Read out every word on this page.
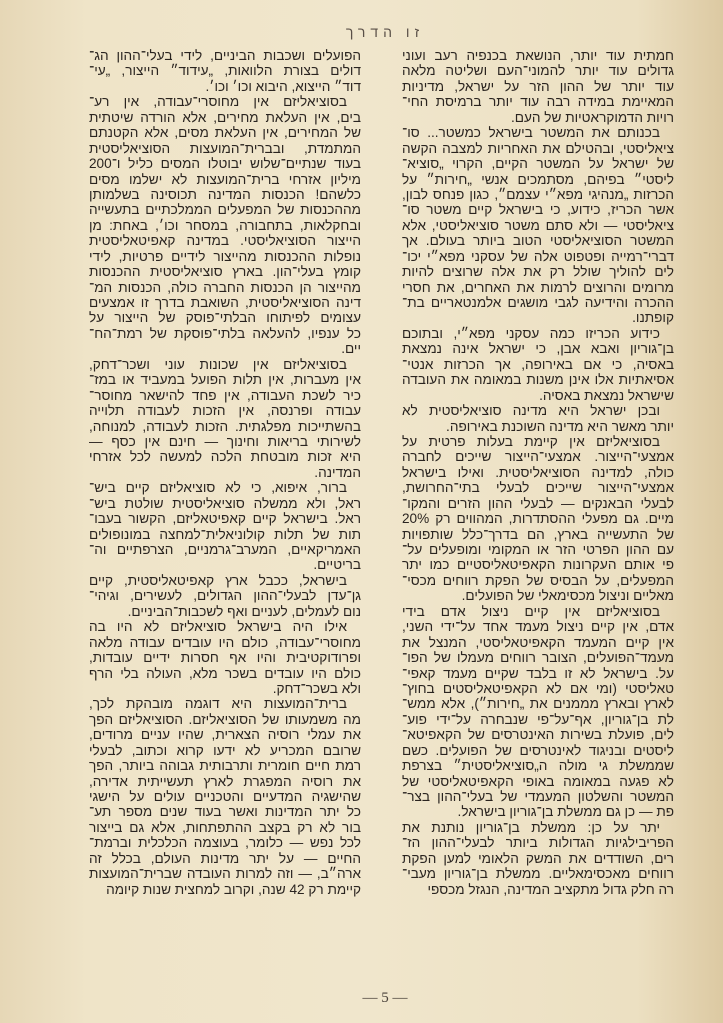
זו הדרך
חמתית עוד יותר, הנושאת בכנפיה רעב ועוני
גדולים עוד יותר להמוני־העם ושליטה מלאה
עוד יותר של ההון הזר על ישראל, מדיניות
המאיימת במידה רבה עוד יותר ברמיסת החי־
רויות הדמוקראטיות של העם.
בכנותם את המשטר בישראל כמשטר... סו־
ציאליסטי, ובהטילם את האחריות למצבה הקשה
של ישראל על המשטר הקיים, הקרוי „סוציא־
ליסטי״ בפיהם, מסתמכים אנשי „חירות״ על
הכרזות „מנהיגי מפא״י עצמם״, כגון פנחס לבון,
אשר הכריז, כידוע, כי בישראל קיים משטר סו־
ציאליסטי — ולא סתם משטר סוציאליסטי, אלא
המשטר הסוציאליסטי הטוב ביותר בעולם. אך
דברי־רמייה ופטפוט אלה של עסקני מפא״י יכו־
לים להוליך שולל רק את אלה שרוצים להיות
מרומים והרוצים לרמות את האחרים, את חסרי
ההכרה והידיעה לגבי מושגים אלמנטאריים בת־
קופתנו.
כידוע הכריזו כמה עסקני מפא״י, ובתוכם
בן־גוריון ואבא אבן, כי ישראל אינה נמצאת
באסיה, כי אם באירופה, אך הכרזות אנטי־
אסיאתיות אלו אינן משנות במאומה את העובדה
שישראל נמצאת באסיה.
ובכן ישראל היא מדינה סוציאליסטית לא
יותר מאשר היא מדינה השוכנת באירופה.
בסוציאליזם אין קיימת בעלות פרטית על
אמצעי־הייצור. אמצעי־הייצור שייכים לחברה
כולה, למדינה הסוציאליסטית. ואילו בישראל
אמצעי־הייצור שייכים לבעלי בתי־החרושת,
לבעלי הבאנקים — לבעלי ההון הזרים והמקו־
מיים. גם מפעלי ההסתדרות, המהווים רק 20%
של התעשייה בארץ, הם בדרך־כלל שותפויות
עם ההון הפרטי הזר או המקומי ומופעלים על־
פי אותם העקרונות הקאפיטאליסטיים כמו יתר
המפעלים, על הבסיס של הפקת רווחים מכסי־
מאליים וניצול מכסימאלי של הפועלים.
בסוציאליזם אין קיים ניצול אדם בידי
אדם, אין קיים ניצול מעמד אחד על־ידי השני,
אין קיים המעמד הקאפיטאליסטי, המנצל את
מעמד־הפועלים, הצובר רווחים מעמלו של הפו־
על. בישראל לא זו בלבד שקיים מעמד קאפי־
טאליסטי (ומי אם לא הקאפיטאליסטים בחוץ־
לארץ ובארץ מממנים את „חירות״), אלא ממש־
לת בן־גוריון, אף־על־פי שנבחרה על־ידי פוע־
לים, פועלת בשירות האינטרסים של הקאפיטא־
ליסטים ובניגוד לאינטרסים של הפועלים. כשם
שממשלת גי מולה ה„סוציאליסטית״ בצרפת
לא פגעה במאומה באופי הקאפיטאליסטי של
המשטר והשלטון המעמדי של בעלי־ההון בצר־
פת — כן גם ממשלת בן־גוריון בישראל.
יתר על כן: ממשלת בן־גוריון נותנת את
הפריבילגיות הגדולות ביותר לבעלי־ההון הז־
רים, השודדים את המשק הלאומי למען הפקת
רווחים מאכסימאליים. ממשלת בן־גוריון מעבי־
רה חלק גדול מתקציב המדינה, הנגזל מכספי
הפועלים ושכבות הביניים, לידי בעלי־ההון הג־
דולים בצורת הלוואות, „עידוד״ הייצור, „עי־
דוד״ הייצוא, היבוא וכו׳ וכו׳.
בסוציאליזם אין מחוסרי־עבודה, אין רע־
בים, אין העלאת מחירים, אלא הורדה שיטתית
של המחירים, אין העלאת מסים, אלא הקטנתם
המתמדת, ובברית־המועצות הסוציאליסטית
בעוד שנתיים־שלוש יבוטלו המסים כליל ו־200
מיליון אזרחי ברית־המועצות לא ישלמו מסים
כלשהם! הכנסות המדינה תכוסינה בשלמותן
מההכנסות של המפעלים הממלכתיים בתעשייה
ובחקלאות, בתחבורה, במסחר וכו׳, באחת: מן
הייצור הסוציאליסטי. במדינה קאפיטאליסטית
נופלות ההכנסות מהייצור לידיים פרטיות, לידי
קומץ בעלי־הון. בארץ סוציאליסטית ההכנסות
מהייצור הן הכנסות החברה כולה, הכנסות המ־
דינה הסוציאליסטית, השואבת בדרך זו אמצעים
עצומים לפיתוחו הבלתי־פוסק של הייצור על
כל ענפיו, להעלאה בלתי־פוסקת של רמת־הח־
יים.
בסוציאליזם אין שכונות עוני ושכר־דחק,
אין מעברות, אין תלות הפועל במעביד או במז־
כיר לשכת העבודה, אין פחד להישאר מחוסר־
עבודה ופרנסה, אין הזכות לעבודה תלוייה
בהשתייכות מפלגתית. הזכות לעבודה, למנוחה,
לשירותי בריאות וחינוך — חינם אין כסף —
היא זכות מובטחת הלכה למעשה לכל אזרחי
המדינה.
ברור, איפוא, כי לא סוציאליזם קיים ביש־
ראל, ולא ממשלה סוציאליסטית שולטת ביש־
ראל. בישראל קיים קאפיטאליזם, הקשור בעבו־
תות של תלות קולוניאלית־למחצה במונופולים
האמריקאיים, המערב־גרמניים, הצרפתיים וה־
בריטיים.
בישראל, ככבל ארץ קאפיטאליסטית, קיים
גן־עדן לבעלי־ההון הגדולים, לעשירים, וגיהי־
נום לעמלים, לעניים ואף לשכבות־הביניים.
אילו היה בישראל סוציאליזם לא היו בה
מחוסרי־עבודה, כולם היו עובדים עבודה מלאה
ופרודוקטיבית והיו אף חסרות ידיים עובדות,
כולם היו עובדים בשכר מלא, העולה בלי הרף
ולא בשכר־דחק.
ברית־המועצות היא דוגמה מובהקת לכך,
מה משמעותו של הסוציאליזם. הסוציאליזם הפך
את עמלי רוסיה הצארית, שהיו עניים מרודים,
שרובם המכריע לא ידעו קרוא וכתוב, לבעלי
רמת חיים חומרית ותרבותית גבוהה ביותר, הפך
את רוסיה המפגרת לארץ תעשייתית אדירה,
שהישגיה המדעיים והטכניים עולים על הישגי
כל יתר המדינות ואשר בעוד שנים מספר תע־
בור לא רק בקצב ההתפתחות, אלא גם בייצור
לכל נפש — כלומר, בעוצמה הכלכלית וברמת־
החיים — על יתר מדינות העולם, בכלל זה
ארה״ב, — וזה למרות העובדה שברית־המועצות
קיימת רק 42 שנה, וקרוב למחצית שנות קיומה
— 5 —
